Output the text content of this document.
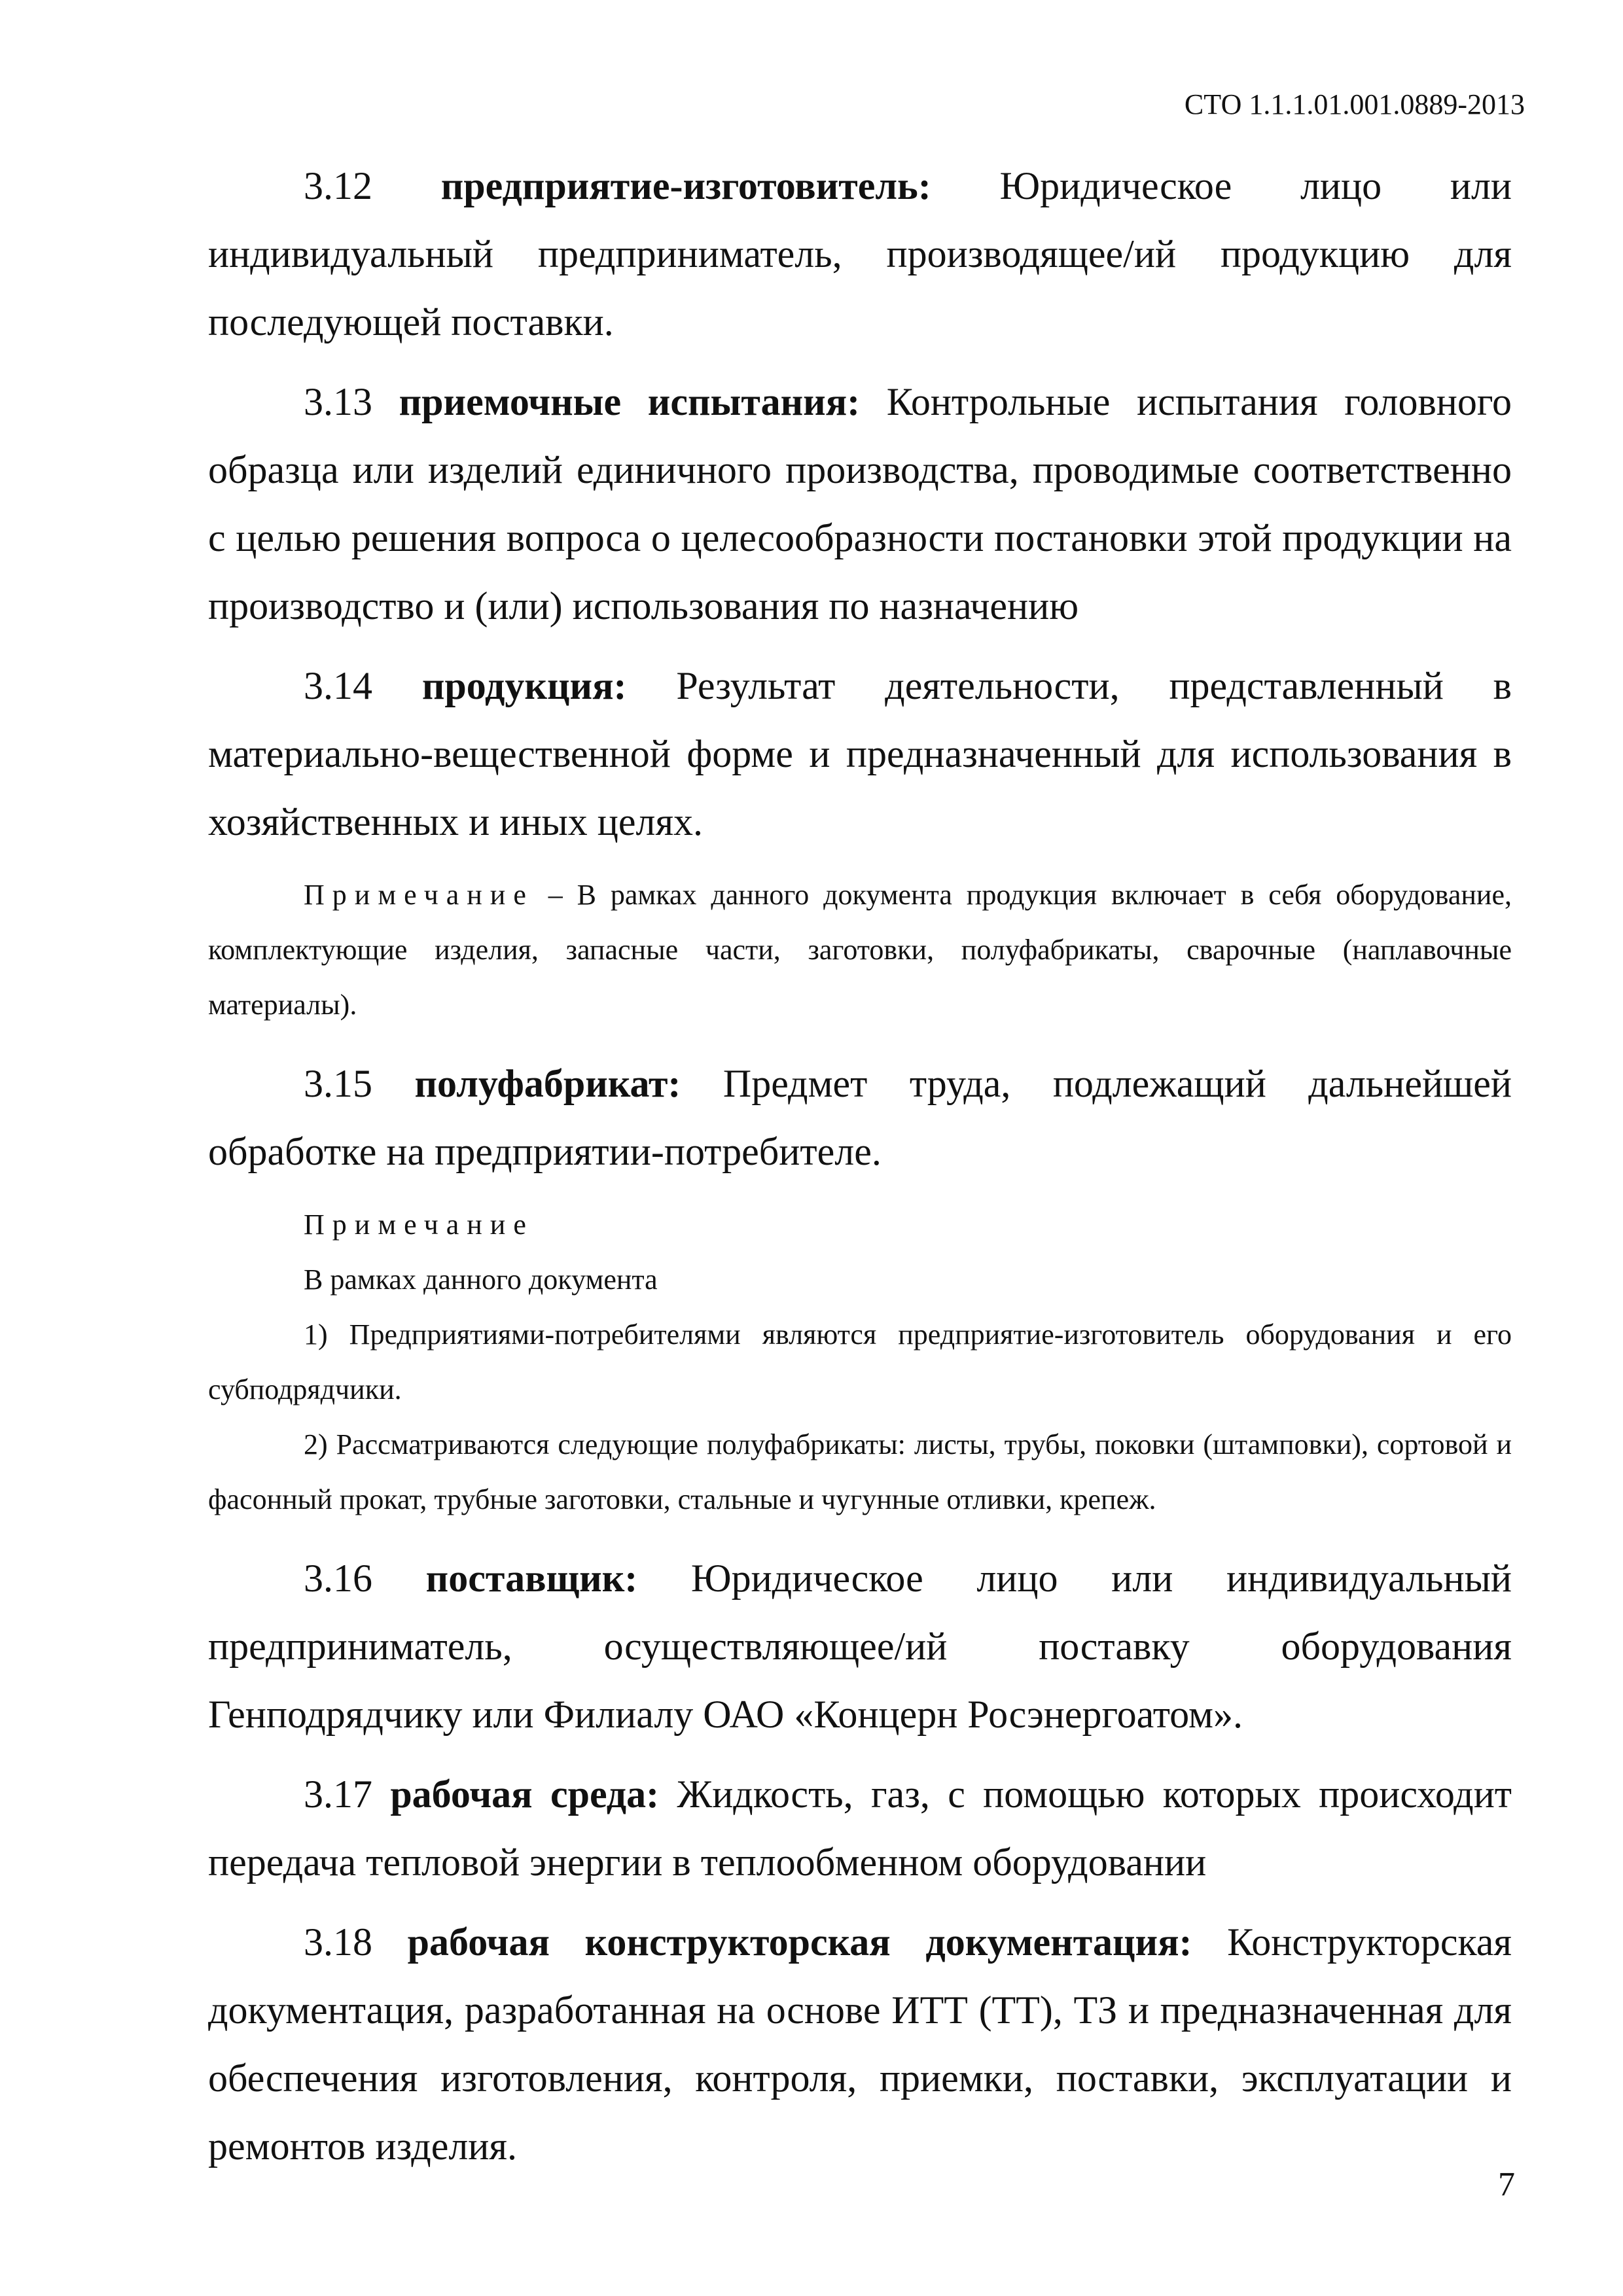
СТО 1.1.1.01.001.0889-2013

3.12 предприятие-изготовитель: Юридическое лицо или индивидуальный предприниматель, производящее/ий продукцию для последующей поставки.

3.13 приемочные испытания: Контрольные испытания головного образца или изделий единичного производства, проводимые соответственно с целью решения вопроса о целесообразности постановки этой продукции на производство и (или) использования по назначению

3.14 продукция: Результат деятельности, представленный в материально-вещественной форме и предназначенный для использования в хозяйственных и иных целях.

Примечание – В рамках данного документа продукция включает в себя оборудование, комплектующие изделия, запасные части, заготовки, полуфабрикаты, сварочные (наплавочные материалы).

3.15 полуфабрикат: Предмет труда, подлежащий дальнейшей обработке на предприятии-потребителе.

Примечание

В рамках данного документа

1) Предприятиями-потребителями являются предприятие-изготовитель оборудования и его субподрядчики.

2) Рассматриваются следующие полуфабрикаты: листы, трубы, поковки (штамповки), сортовой и фасонный прокат, трубные заготовки, стальные и чугунные отливки, крепеж.

3.16 поставщик: Юридическое лицо или индивидуальный предприниматель, осуществляющее/ий поставку оборудования Генподрядчику или Филиалу ОАО «Концерн Росэнергоатом».

3.17 рабочая среда: Жидкость, газ, с помощью которых происходит передача тепловой энергии в теплообменном оборудовании

3.18 рабочая конструкторская документация: Конструкторская документация, разработанная на основе ИТТ (ТТ), ТЗ и предназначенная для обеспечения изготовления, контроля, приемки, поставки, эксплуатации и ремонтов изделия.

7
